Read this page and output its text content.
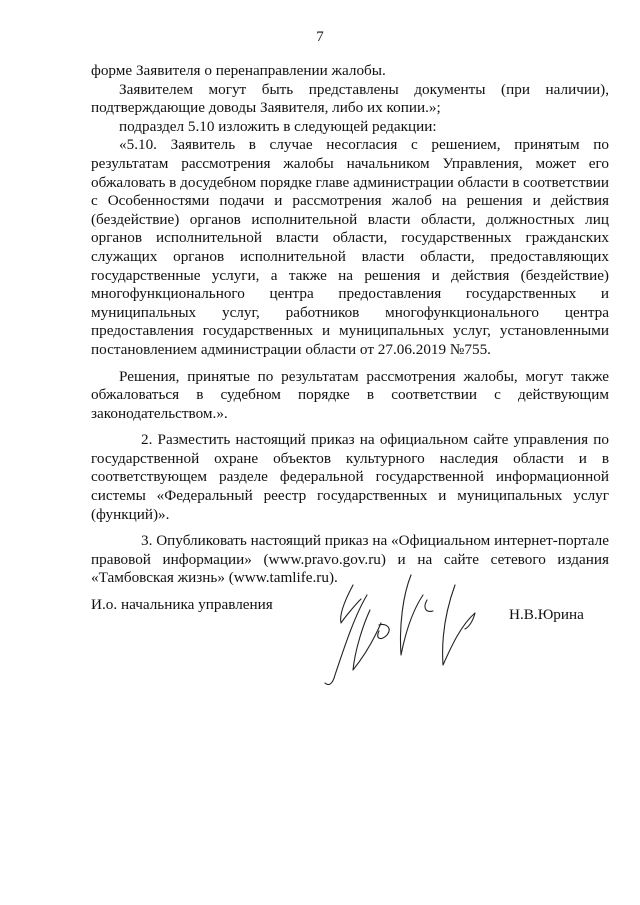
7

форме Заявителя о перенаправлении жалобы.

Заявителем могут быть представлены документы (при наличии), подтверждающие доводы Заявителя, либо их копии.»;

подраздел 5.10 изложить в следующей редакции:

«5.10. Заявитель в случае несогласия с решением, принятым по результатам рассмотрения жалобы начальником Управления, может его обжаловать в досудебном порядке главе администрации области в соответствии с Особенностями подачи и рассмотрения жалоб на решения и действия (бездействие) органов исполнительной власти области, должностных лиц органов исполнительной власти области, государственных гражданских служащих органов исполнительной власти области, предоставляющих государственные услуги, а также на решения и действия (бездействие) многофункционального центра предоставления государственных и муниципальных услуг, работников многофункционального центра предоставления государственных и муниципальных услуг, установленными постановлением администрации области от 27.06.2019 №755.

Решения, принятые по результатам рассмотрения жалобы, могут также обжаловаться в судебном порядке в соответствии с действующим законодательством.».

2. Разместить настоящий приказ на официальном сайте управления по государственной охране объектов культурного наследия области и в соответствующем разделе федеральной государственной информационной системы «Федеральный реестр государственных и муниципальных услуг (функций)».

3. Опубликовать настоящий приказ на «Официальном интернет-портале правовой информации» (www.pravo.gov.ru) и на сайте сетевого издания «Тамбовская жизнь» (www.tamlife.ru).

И.о. начальника управления
Н.В.Юрина
